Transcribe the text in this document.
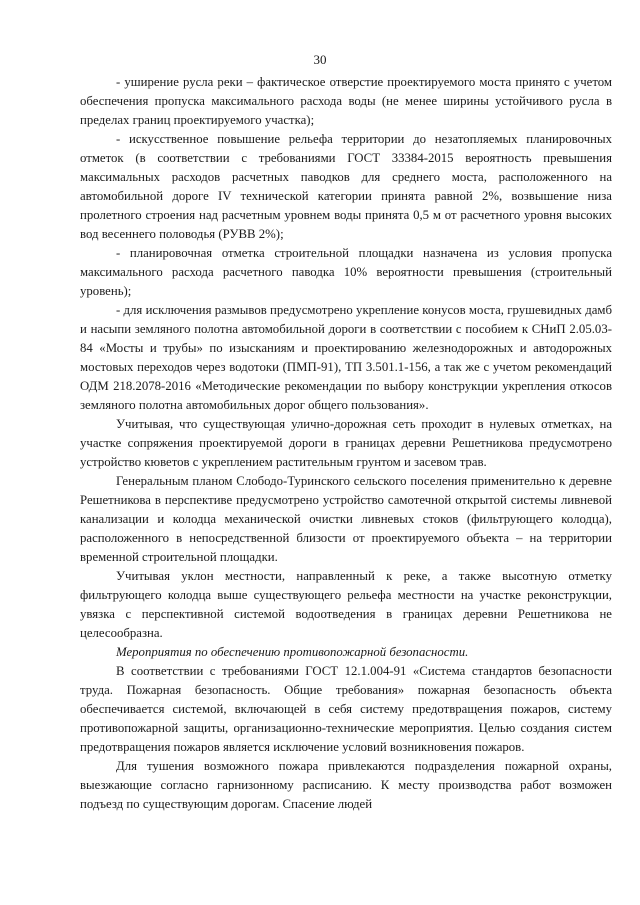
30

- уширение русла реки – фактическое отверстие проектируемого моста принято с учетом обеспечения пропуска максимального расхода воды (не менее ширины устойчивого русла в пределах границ проектируемого участка);

- искусственное повышение рельефа территории до незатопляемых планировочных отметок (в соответствии с требованиями ГОСТ 33384-2015 вероятность превышения максимальных расходов расчетных паводков для среднего моста, расположенного на автомобильной дороге IV технической категории принята равной 2%, возвышение низа пролетного строения над расчетным уровнем воды принята 0,5 м от расчетного уровня высоких вод весеннего половодья (РУВВ 2%);

- планировочная отметка строительной площадки назначена из условия пропуска максимального расхода расчетного паводка 10% вероятности превышения (строительный уровень);

- для исключения размывов предусмотрено укрепление конусов моста, грушевидных дамб и насыпи земляного полотна автомобильной дороги в соответствии с пособием к СНиП 2.05.03-84 «Мосты и трубы» по изысканиям и проектированию железнодорожных и автодорожных мостовых переходов через водотоки (ПМП-91), ТП 3.501.1-156, а так же с учетом рекомендаций ОДМ 218.2078-2016 «Методические рекомендации по выбору конструкции укрепления откосов земляного полотна автомобильных дорог общего пользования».

Учитывая, что существующая улично-дорожная сеть проходит в нулевых отметках, на участке сопряжения проектируемой дороги в границах деревни Решетникова предусмотрено устройство кюветов с укреплением растительным грунтом и засевом трав.

Генеральным планом Слободо-Туринского сельского поселения применительно к деревне Решетникова в перспективе предусмотрено устройство самотечной открытой системы ливневой канализации и колодца механической очистки ливневых стоков (фильтрующего колодца), расположенного в непосредственной близости от проектируемого объекта – на территории временной строительной площадки.

Учитывая уклон местности, направленный к реке, а также высотную отметку фильтрующего колодца выше существующего рельефа местности на участке реконструкции, увязка с перспективной системой водоотведения в границах деревни Решетникова не целесообразна.

Мероприятия по обеспечению противопожарной безопасности.

В соответствии с требованиями ГОСТ 12.1.004-91 «Система стандартов безопасности труда. Пожарная безопасность. Общие требования» пожарная безопасность объекта обеспечивается системой, включающей в себя систему предотвращения пожаров, систему противопожарной защиты, организационно-технические мероприятия. Целью создания систем предотвращения пожаров является исключение условий возникновения пожаров.

Для тушения возможного пожара привлекаются подразделения пожарной охраны, выезжающие согласно гарнизонному расписанию. К месту производства работ возможен подъезд по существующим дорогам. Спасение людей
